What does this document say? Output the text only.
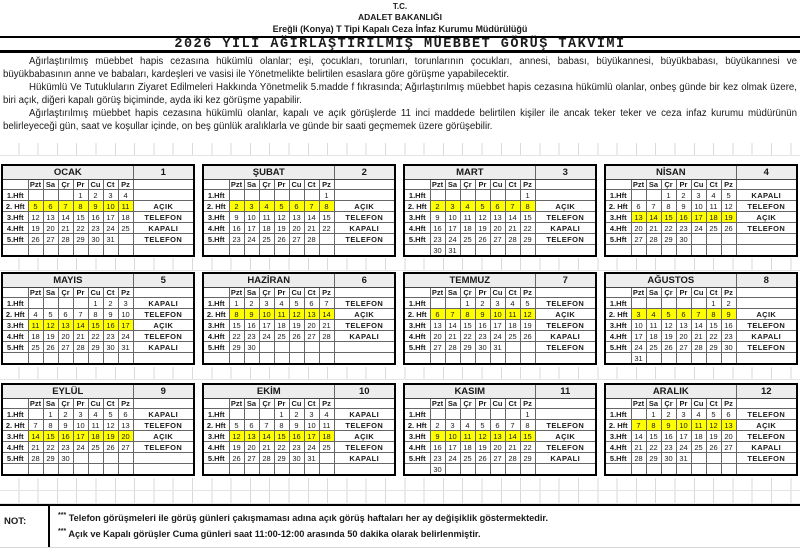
T.C.
ADALET BAKANLIĞI
Ereğli (Konya) T Tipi Kapalı Ceza İnfaz Kurumu Müdürülüğü
2026 YILI AĞIRLAŞTIRILMIŞ MÜEBBET GÖRÜŞ TAKVİMİ

Ağırlaştırılmış müebbet hapis cezasına hükümlü olanlar; eşi, çocukları, torunları, torunlarının çocukları, annesi, babası, büyükannesi, büyükbabası, büyükannesi ve büyükbabasının anne ve babaları, kardeşleri ve vasisi ile Yönetmelikte belirtilen esaslara göre görüşme yapabilecektir.

Hükümlü Ve Tutukluların Ziyaret Edilmeleri Hakkında Yönetmelik 5.madde f fıkrasında; Ağırlaştırılmış müebbet hapis cezasına hükümlü olanlar, onbeş günde bir kez olmak üzere, biri açık, diğeri kapalı görüş biçiminde, ayda iki kez görüşme yapabilir.

Ağırlaştırılmış müebbet hapis cezasına hükümlü olanlar, kapalı ve açık görüşlerde 11 inci maddede belirtilen kişiler ile ancak teker teker ve ceza infaz kurumu müdürünün belirleyeceği gün, saat ve koşullar içinde, on beş günlük aralıklarla ve günde bir saati geçmemek üzere görüşebilir.

OCAK								1
	Pzt	Sa	Çr	Pr	Cu	Ct	Pz	
1.Hft				1	2	3	4	
2. Hft	5	6	7	8	9	10	11	AÇIK
3.Hft	12	13	14	15	16	17	18	TELEFON
4.Hft	19	20	21	22	23	24	25	KAPALI
5.Hft	26	27	28	29	30	31		TELEFON

ŞUBAT								2
	Pzt	Sa	Çr	Pr	Cu	Ct	Pz	
1.Hft							1	
2. Hft	2	3	4	5	6	7	8	AÇIK
3.Hft	9	10	11	12	13	14	15	TELEFON
4.Hft	16	17	18	19	20	21	22	KAPALI
5.Hft	23	24	25	26	27	28		TELEFON

MART								3
	Pzt	Sa	Çr	Pr	Cu	Ct	Pz	
1.Hft							1	
2. Hft	2	3	4	5	6	7	8	AÇIK
3.Hft	9	10	11	12	13	14	15	TELEFON
4.Hft	16	17	18	19	20	21	22	KAPALI
5.Hft	23	24	25	26	27	28	29	TELEFON
	30	31						
NİSAN								4
	Pzt	Sa	Çr	Pr	Cu	Ct	Pz	
1.Hft			1	2	3	4	5	KAPALI
2. Hft	6	7	8	9	10	11	12	TELEFON
3.Hft	13	14	15	16	17	18	19	AÇIK
4.Hft	20	21	22	23	24	25	26	TELEFON
5.Hft	27	28	29	30				

MAYIS								5
	Pzt	Sa	Çr	Pr	Cu	Ct	Pz	
1.Hft					1	2	3	KAPALI
2. Hft	4	5	6	7	8	9	10	TELEFON
3.Hft	11	12	13	14	15	16	17	AÇIK
4.Hft	18	19	20	21	22	23	24	TELEFON
5.Hft	25	26	27	28	29	30	31	KAPALI

HAZİRAN								6
	Pzt	Sa	Çr	Pr	Cu	Ct	Pz	
1.Hft	1	2	3	4	5	6	7	TELEFON
2. Hft	8	9	10	11	12	13	14	AÇIK
3.Hft	15	16	17	18	19	20	21	TELEFON
4.Hft	22	23	24	25	26	27	28	KAPALI
5.Hft	29	30						

TEMMUZ								7
	Pzt	Sa	Çr	Pr	Cu	Ct	Pz	
1.Hft			1	2	3	4	5	TELEFON
2. Hft	6	7	8	9	10	11	12	AÇIK
3.Hft	13	14	15	16	17	18	19	TELEFON
4.Hft	20	21	22	23	24	25	26	KAPALI
5.Hft	27	28	29	30	31			TELEFON

AĞUSTOS								8
	Pzt	Sa	Çr	Pr	Cu	Ct	Pz	
1.Hft						1	2	
2. Hft	3	4	5	6	7	8	9	AÇIK
3.Hft	10	11	12	13	14	15	16	TELEFON
4.Hft	17	18	19	20	21	22	23	KAPALI
5.Hft	24	25	26	27	28	29	30	TELEFON
	31							
EYLÜL								9
	Pzt	Sa	Çr	Pr	Cu	Ct	Pz	
1.Hft		1	2	3	4	5	6	KAPALI
2. Hft	7	8	9	10	11	12	13	TELEFON
3.Hft	14	15	16	17	18	19	20	AÇIK
4.Hft	21	22	23	24	25	26	27	TELEFON
5.Hft	28	29	30					

EKİM								10
	Pzt	Sa	Çr	Pr	Cu	Ct	Pz	
1.Hft				1	2	3	4	KAPALI
2. Hft	5	6	7	8	9	10	11	TELEFON
3.Hft	12	13	14	15	16	17	18	AÇIK
4.Hft	19	20	21	22	23	24	25	TELEFON
5.Hft	26	27	28	29	30	31		KAPALI

KASIM								11
	Pzt	Sa	Çr	Pr	Cu	Ct	Pz	
1.Hft							1	
2. Hft	2	3	4	5	6	7	8	TELEFON
3.Hft	9	10	11	12	13	14	15	AÇIK
4.Hft	16	17	18	19	20	21	22	TELEFON
5.Hft	23	24	25	26	27	28	29	KAPALI
	30							
ARALIK								12
	Pzt	Sa	Çr	Pr	Cu	Ct	Pz	
1.Hft		1	2	3	4	5	6	TELEFON
2. Hft	7	8	9	10	11	12	13	AÇIK
3.Hft	14	15	16	17	18	19	20	TELEFON
4.Hft	21	22	23	24	25	26	27	KAPALI
5.Hft	28	29	30	31				TELEFON

NOT:
*** Telefon görüşmeleri ile görüş günleri çakışmaması adına açık görüş haftaları her ay değişiklik göstermektedir.
*** Açık ve Kapalı görüşler Cuma günleri saat 11:00-12:00 arasında 50 dakika olarak belirlenmiştir.
